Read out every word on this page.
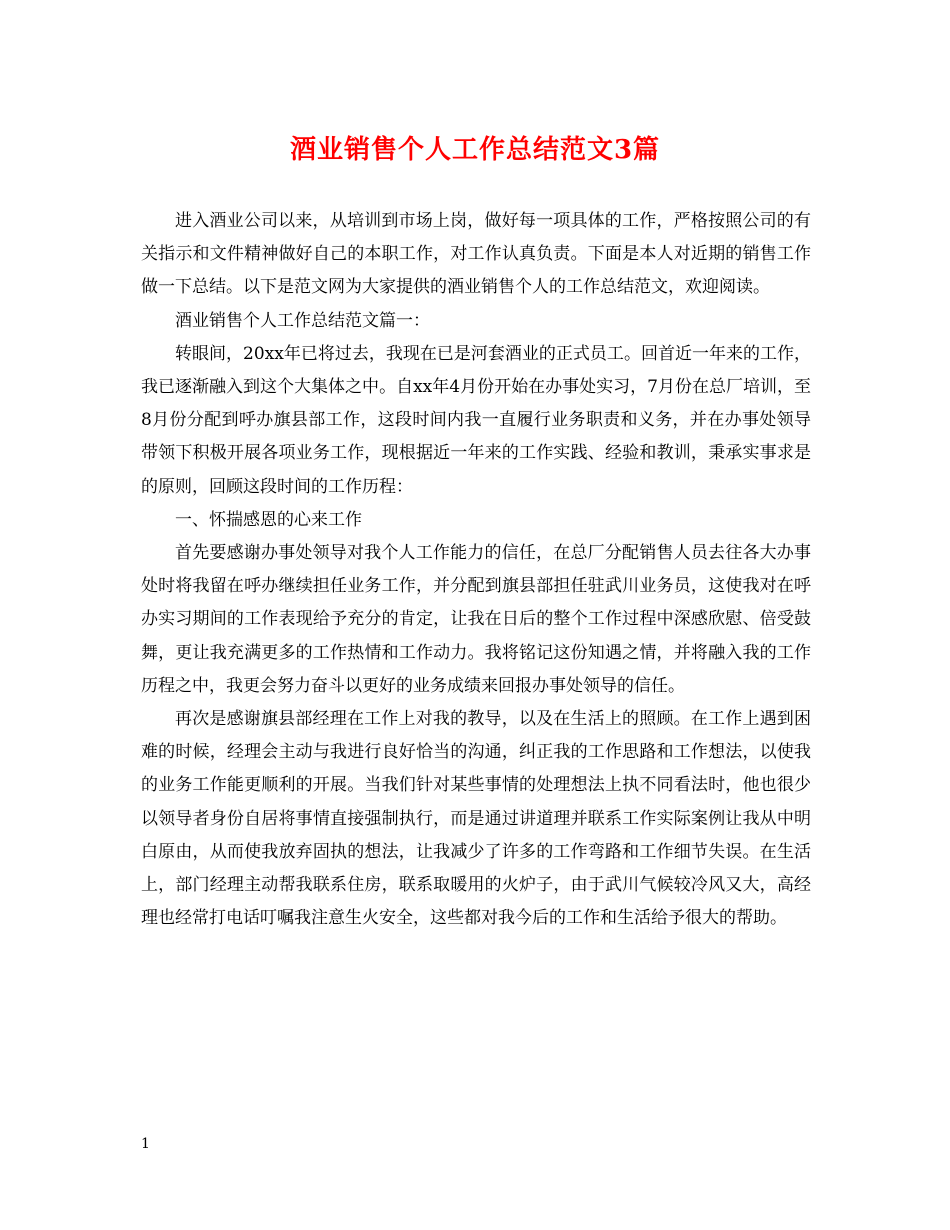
酒业销售个人工作总结范文3篇

进入酒业公司以来，从培训到市场上岗，做好每一项具体的工作，严格按照公司的有关指示和文件精神做好自己的本职工作，对工作认真负责。下面是本人对近期的销售工作做一下总结。以下是范文网为大家提供的酒业销售个人的工作总结范文，欢迎阅读。

酒业销售个人工作总结范文篇一：

转眼间，20xx年已将过去，我现在已是河套酒业的正式员工。回首近一年来的工作，我已逐渐融入到这个大集体之中。自xx年4月份开始在办事处实习，7月份在总厂培训，至8月份分配到呼办旗县部工作，这段时间内我一直履行业务职责和义务，并在办事处领导带领下积极开展各项业务工作，现根据近一年来的工作实践、经验和教训，秉承实事求是的原则，回顾这段时间的工作历程：

一、怀揣感恩的心来工作

首先要感谢办事处领导对我个人工作能力的信任，在总厂分配销售人员去往各大办事处时将我留在呼办继续担任业务工作，并分配到旗县部担任驻武川业务员，这使我对在呼办实习期间的工作表现给予充分的肯定，让我在日后的整个工作过程中深感欣慰、倍受鼓舞，更让我充满更多的工作热情和工作动力。我将铭记这份知遇之情，并将融入我的工作历程之中，我更会努力奋斗以更好的业务成绩来回报办事处领导的信任。

再次是感谢旗县部经理在工作上对我的教导，以及在生活上的照顾。在工作上遇到困难的时候，经理会主动与我进行良好恰当的沟通，纠正我的工作思路和工作想法，以使我的业务工作能更顺利的开展。当我们针对某些事情的处理想法上执不同看法时，他也很少以领导者身份自居将事情直接强制执行，而是通过讲道理并联系工作实际案例让我从中明白原由，从而使我放弃固执的想法，让我减少了许多的工作弯路和工作细节失误。在生活上，部门经理主动帮我联系住房，联系取暖用的火炉子，由于武川气候较冷风又大，高经理也经常打电话叮嘱我注意生火安全，这些都对我今后的工作和生活给予很大的帮助。

1
